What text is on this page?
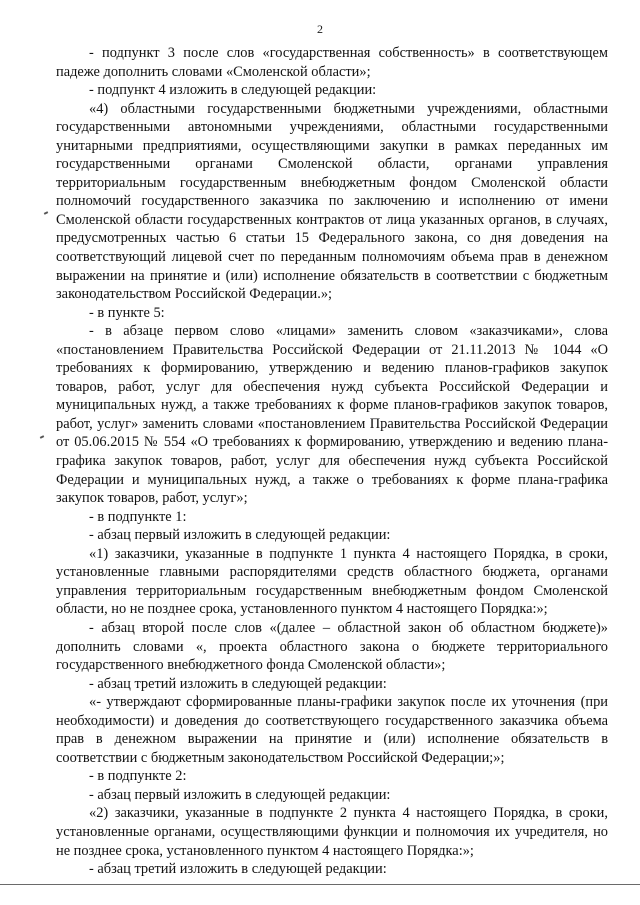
2

- подпункт 3 после слов «государственная собственность» в соответствующем падеже дополнить словами «Смоленской области»;

- подпункт 4 изложить в следующей редакции:

«4) областными государственными бюджетными учреждениями, областными государственными автономными учреждениями, областными государственными унитарными предприятиями, осуществляющими закупки в рамках переданных им государственными органами Смоленской области, органами управления территориальным государственным внебюджетным фондом Смоленской области полномочий государственного заказчика по заключению и исполнению от имени Смоленской области государственных контрактов от лица указанных органов, в случаях, предусмотренных частью 6 статьи 15 Федерального закона, со дня доведения на соответствующий лицевой счет по переданным полномочиям объема прав в денежном выражении на принятие и (или) исполнение обязательств в соответствии с бюджетным законодательством Российской Федерации.»;

- в пункте 5:

- в абзаце первом слово «лицами» заменить словом «заказчиками», слова «постановлением Правительства Российской Федерации от 21.11.2013 № 1044 «О требованиях к формированию, утверждению и ведению планов-графиков закупок товаров, работ, услуг для обеспечения нужд субъекта Российской Федерации и муниципальных нужд, а также требованиях к форме планов-графиков закупок товаров, работ, услуг» заменить словами «постановлением Правительства Российской Федерации от 05.06.2015 № 554 «О требованиях к формированию, утверждению и ведению плана-графика закупок товаров, работ, услуг для обеспечения нужд субъекта Российской Федерации и муниципальных нужд, а также о требованиях к форме плана-графика закупок товаров, работ, услуг»;

- в подпункте 1:

- абзац первый изложить в следующей редакции:

«1) заказчики, указанные в подпункте 1 пункта 4 настоящего Порядка, в сроки, установленные главными распорядителями средств областного бюджета, органами управления территориальным государственным внебюджетным фондом Смоленской области, но не позднее срока, установленного пунктом 4 настоящего Порядка:»;

- абзац второй после слов «(далее – областной закон об областном бюджете)» дополнить словами «, проекта областного закона о бюджете территориального государственного внебюджетного фонда Смоленской области»;

- абзац третий изложить в следующей редакции:

«- утверждают сформированные планы-графики закупок после их уточнения (при необходимости) и доведения до соответствующего государственного заказчика объема прав в денежном выражении на принятие и (или) исполнение обязательств в соответствии с бюджетным законодательством Российской Федерации;»;

- в подпункте 2:

- абзац первый изложить в следующей редакции:

«2) заказчики, указанные в подпункте 2 пункта 4 настоящего Порядка, в сроки, установленные органами, осуществляющими функции и полномочия их учредителя, но не позднее срока, установленного пунктом 4 настоящего Порядка:»;

- абзац третий изложить в следующей редакции:
